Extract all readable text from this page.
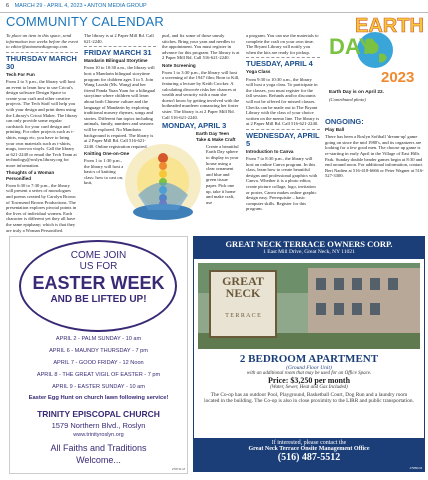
6 MARCH 29 - APRIL 4, 2023 • ANTON MEDIA GROUP
COMMUNITY CALENDAR

To place an item in this space, send information two weeks before the event to editor@antonmediagroup.com.

THURSDAY MARCH 30

Tech For Fun

From 2 to 3 p.m., the library will host an event to learn how to use Cricut's design software Design Space to create your craft and other creative projects. The Tech Staff will help you with your design and print them using the Library's Cricut Maker. The library can only provide some regular cardstock for your card design and printing. For other projects such as t-shirts, mugs etc, you have to bring your own materials such as t-shirts, mugs, iron-on vinyls. Call the library at 621-2240 or email the Tech Team at technology@roslyn.library.org for more information.

Thoughts of a Woman Personified

From 6:30 to 7:30 p.m., the library will present a series of monologues and poems created by Carolyn Brown of Townsend Brown Productions. The presentation explores pivotal points in the lives of individual women. Each character is different yet they all have the same epiphany; which is that they are truly a Woman Personified.

The library is at 2 Paper Mill Rd. Call 621-2240.

FRIDAY MARCH 31

Mandarin Bilingual Storytime

From 10 to 10:30 a.m., the library will host a Mandarin bilingual storytime program for children ages 3 to 5. Join Wang Laoshi (Ms. Wang) and her friend Panda Yuan Yuan for a bilingual storytime where children will learn about both Chinese culture and the language of Mandarin by exploring traditional nursery rhymes, songs and stories. Different fun topics including animals, family, numbers and seasons will be explored. No Mandarin background is required. The library is at 2 Paper Mill Rd. Call 516-621-2240. Online registration required.

Knitting One-on-One

From 1 to 1:30 p.m., the library will host a basics of knitting class: how to cast on, knit,

purl, and fix some of those unruly stitches. Bring your yarn and needles to the appointment. You must register in advance for this program. The library is at 2 Paper Mill Rd. Call 516-621-2240.

Note Screening

From 1 to 3:30 p.m., the library will host a screening of the 1947 film; Born to Kill, featuring a lecture by Keith Crocker. A calculating divorcée risks her chances at wealth and security with a man she doesn't know by getting involved with the hotheaded murderer romancing her foster sister. The library is at 2 Paper Mill Rd. Call 516-621-2240.

MONDAY, APRIL 3

Earth Day Teen Take & Make Craft

Create a beautiful Earth Day sphere to display in your house using a clear ornament and blue and green tissue paper. Pick one up, take it home and make craft, use

a program. You can use the materials to complete the craft on your own time. The Bryant Library will notify you when the kits are ready for pickup.

TUESDAY, APRIL 4

Yoga Class

From 9:30 to 10:30 a.m., the library will host a yoga class. To participate in the classes, you must register for the fall session. Refunds and/or discounts will not be offered for missed classes. Checks can be made out to The Bryant Library with the class of your choice written on the memo line. The library is at 2 Paper Mill Rd. Call 516-621-2240.

WEDNESDAY, APRIL 5

Introduction to Canva

From 7 to 8:30 p.m., the library will host an online Canva program. In this class, learn how to create beautiful designs and professional graphics with Canva. Whether it is a photo editor, create picture collage, logo, invitation or poster, Canva makes online graphic design easy. Prerequisite – basic computer skills. Register for this program.

EARTH
DAY
2023

Earth Day is on April 22.

(Contributed photo)

ONGOING:

Play Ball

There has been a Roslyn Softball 'dream-up' game going on since the mid 1980's, and its organizers are looking for a few good men. The choose up game is re-starting in early April in the Village of East Hills Park. Sunday double header games begin at 8:30 and end around noon. For additional information, contact Bert Nadien at 516-418-6666 or Peter Wagner at 516-527-3300.

COME JOIN
US FOR
EASTER WEEK
AND BE LIFTED UP!
APRIL 2 - PALM SUNDAY - 10 am
APRIL 6 - MAUNDY THURSDAY - 7 pm
APRIL 7 - GOOD FRIDAY - 12 Noon
APRIL 8 - THE GREAT VIGIL OF EASTER - 7 pm
APRIL 9 - EASTER SUNDAY - 10 am
Easter Egg Hunt on church lawn following service!
TRINITY EPISCOPAL CHURCH
1579 Northern Blvd., Roslyn
www.trinityroslyn.org
All Faiths and Traditions
Welcome...
278711 M
GREAT NECK TERRACE OWNERS CORP.
1 East Mill Drive, Great Neck, NY 11021
GREAT
NECK
T E R R A C E
2 BEDROOM APARTMENT
(Ground Floor Unit)
with an additional room that may be used for an Office Space.
Price: $3,250 per month
(Water, Sewer, Heat and Gas Included)
The Co-op has an outdoor Pool, Playground, Basketball Court, Dog Run and a laundry room located in the building. The Co-op is also in close proximity to the LIRR and public transportation.
If interested, please contact the
Great Neck Terrace Onsite Management Office
(516) 487-5512
279899 M
